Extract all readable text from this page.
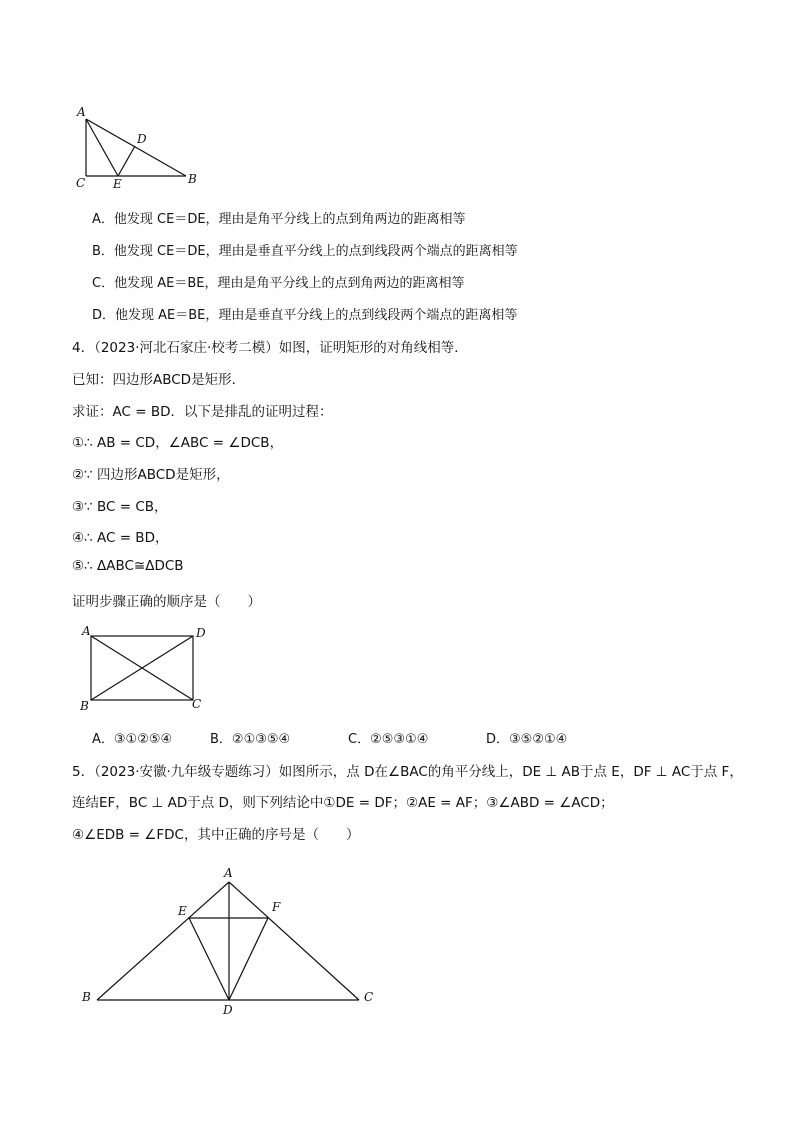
A
D
C E	B
A．他发现 CE＝DE，理由是角平分线上的点到角两边的距离相等
B．他发现 CE＝DE，理由是垂直平分线上的点到线段两个端点的距离相等
C．他发现 AE＝BE，理由是角平分线上的点到角两边的距离相等
D．他发现 AE＝BE，理由是垂直平分线上的点到线段两个端点的距离相等
4．（2023·河北石家庄·校考二模）如图，证明矩形的对角线相等．
已知：四边形ABCD是矩形．
求证：AC = BD．以下是排乱的证明过程：
①∴ AB = CD，∠ABC = ∠DCB，
②∵ 四边形ABCD是矩形，
③∵ BC = CB，
④∴ AC = BD，
⑤∴ ΔABC≅ΔDCB
证明步骤正确的顺序是（　　）
A	D
B	C
A．③①②⑤④	B．②①③⑤④	C．②⑤③①④	D．③⑤②①④
5．（2023·安徽·九年级专题练习）如图所示，点 D在∠BAC的角平分线上，DE ⊥ AB于点 E，DF ⊥ AC于点 F，
连结EF，BC ⊥ AD于点 D，则下列结论中①DE = DF；②AE = AF；③∠ABD = ∠ACD；
④∠EDB = ∠FDC，其中正确的序号是（　　）
A
E	F
B	C
D
